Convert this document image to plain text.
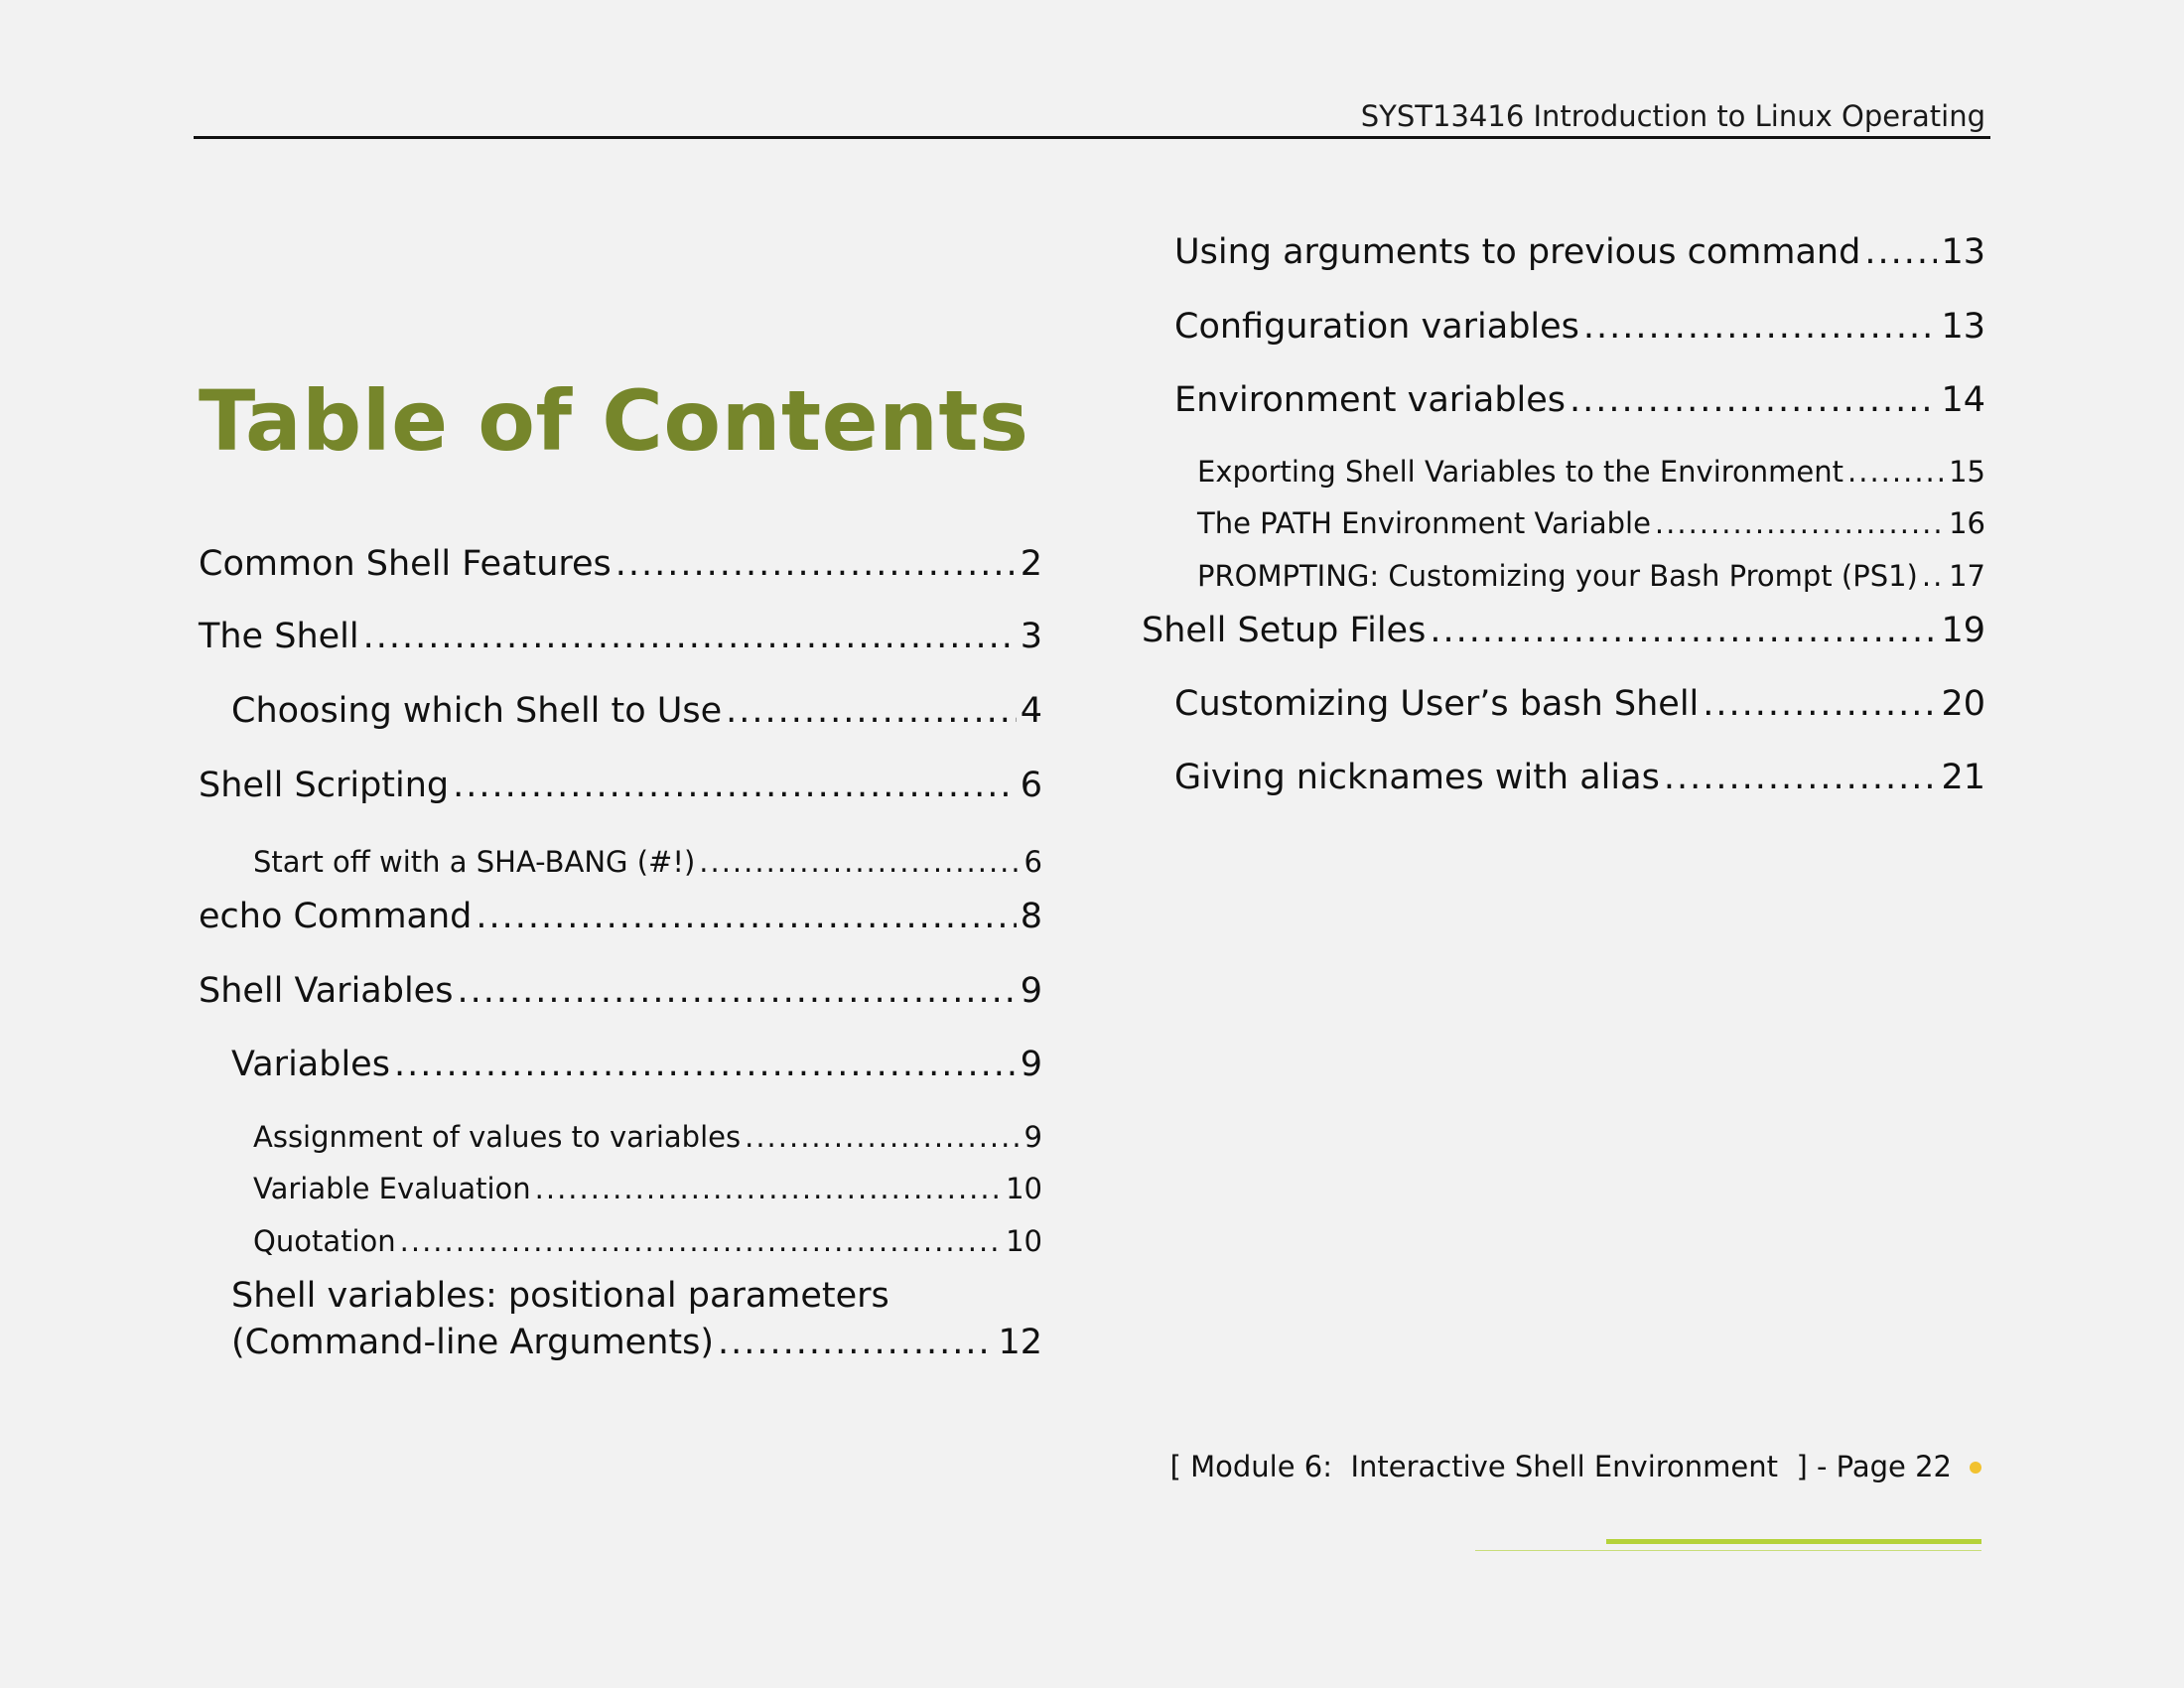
SYST13416 Introduction to Linux Operating
Table of Contents
Common Shell Features .....	2
The Shell .....	3
Choosing which Shell to Use .....	4
Shell Scripting .....	6
Start off with a SHA-BANG (#!) .....	6
echo Command .....	8
Shell Variables .....	9
Variables .....	9
Assignment of values to variables .....	9
Variable Evaluation .....	10
Quotation .....	10
Shell variables: positional parameters
(Command-line Arguments) .....	12
Using arguments to previous command ..... 13
Configuration variables .....	13
Environment variables .....	14
Exporting Shell Variables to the Environment .....	15
The PATH Environment Variable .....	16
PROMPTING: Customizing your Bash Prompt (PS1) ..... 17
Shell Setup Files .....	19
Customizing User’s bash Shell .....	20
Giving nicknames with alias .....	21
[ Module 6:  Interactive Shell Environment  ] - Page 22
